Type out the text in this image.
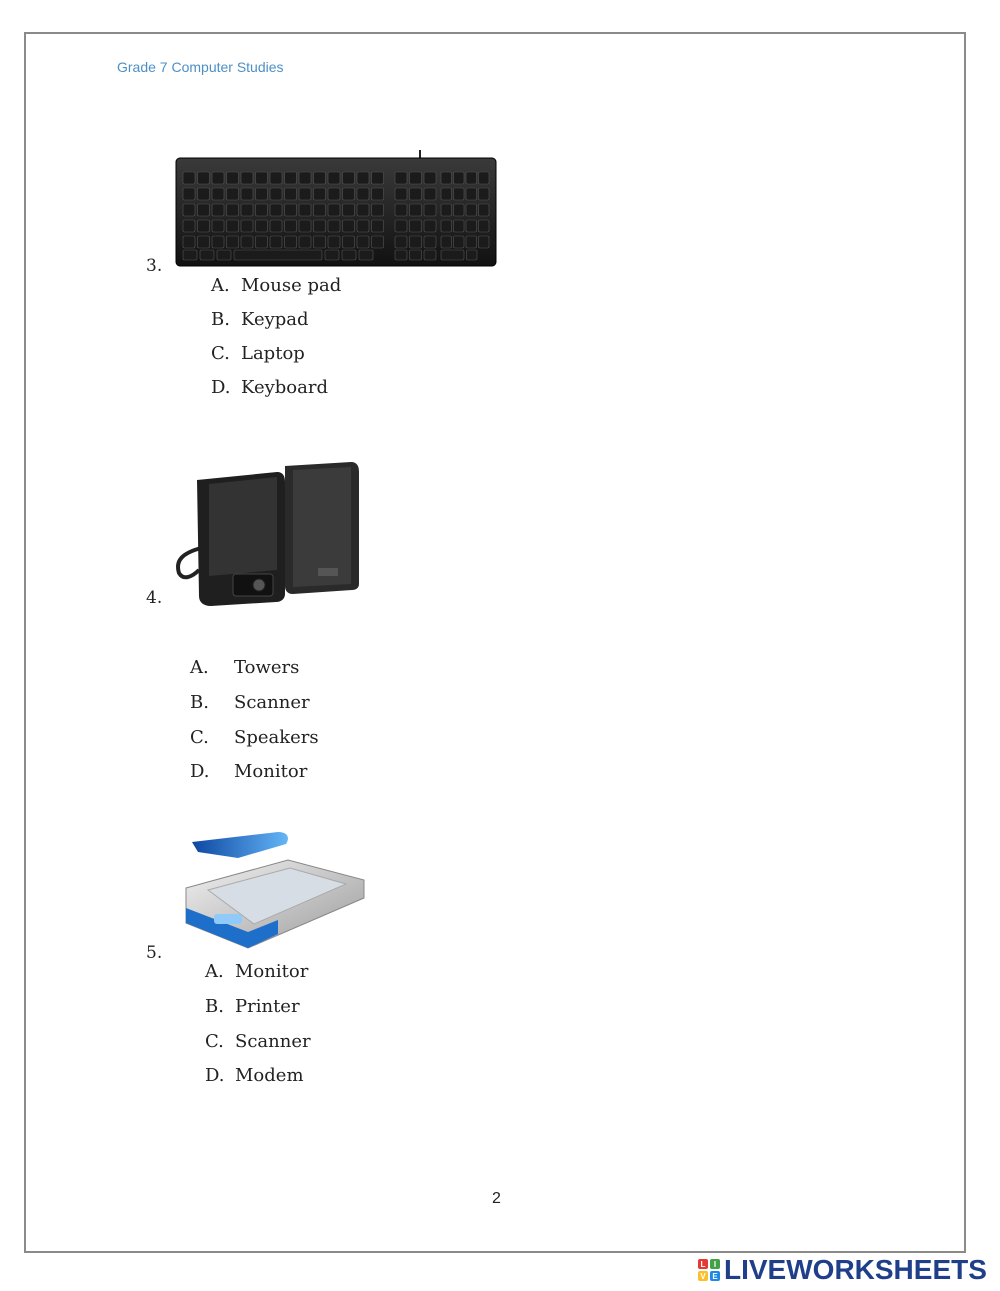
Grade 7 Computer Studies
3.
A. Mouse pad
B. Keypad
C. Laptop
D. Keyboard
4.
A. Towers
B. Scanner
C. Speakers
D. Monitor
5.
A. Monitor
B. Printer
C. Scanner
D. Modem
2
L	I
V E LIVEWORKSHEETS
